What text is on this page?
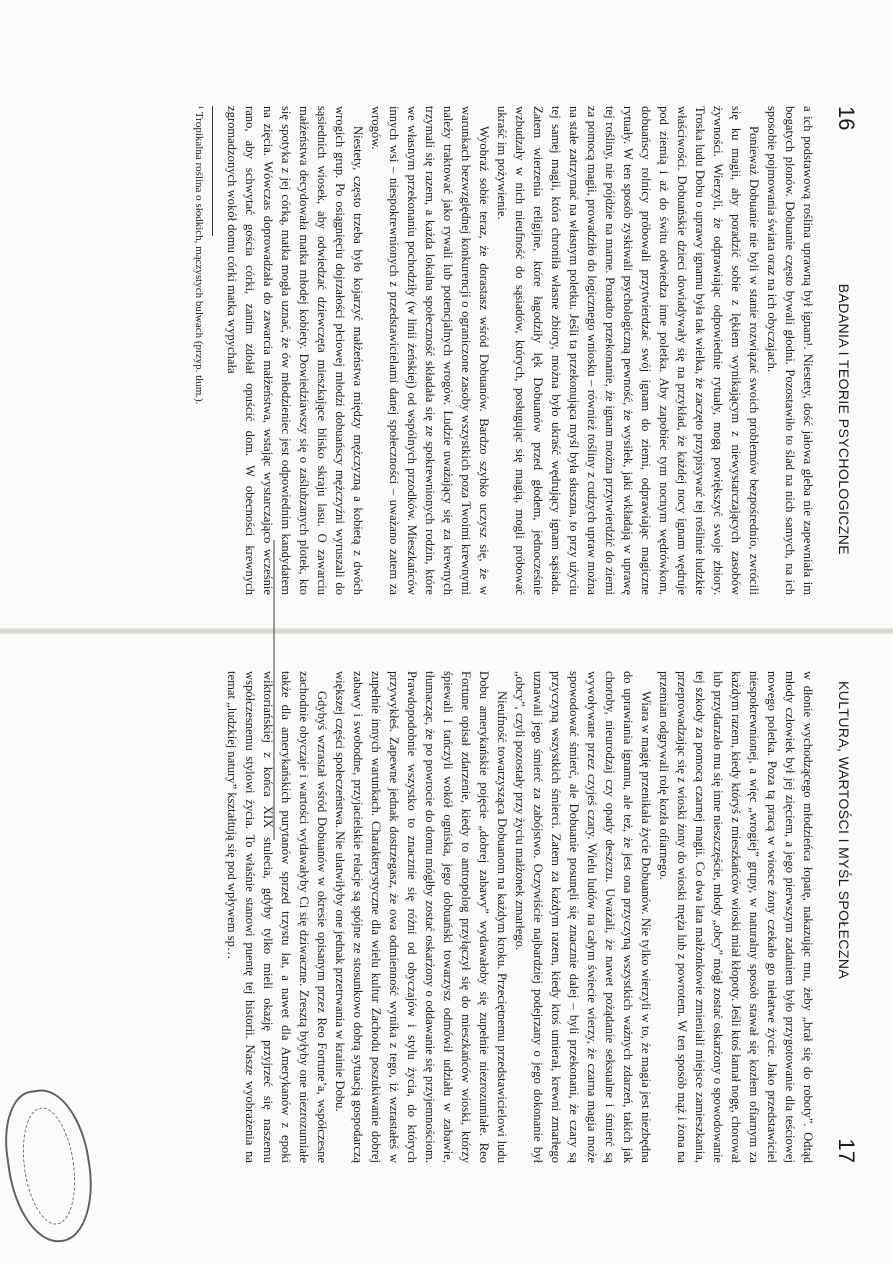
16
BADANIA I TEORIE PSYCHOLOGICZNE

a ich podstawową roślina uprawną był ignam¹. Niestety, dość jałowa gleba nie zapewniała im bogatych plonów. Dobuanie często bywali głodni. Pozostawiło to ślad na nich samych, na ich sposobie pojmowania świata oraz na ich obyczajach.

Ponieważ Dobuanie nie byli w stanie rozwiązać swoich problemów bezpośrednio, zwrócili się ku magii, aby poradzić sobie z lękiem wynikającym z niewystarczających zasobów żywności. Wierzyli, że odprawiając odpowiednie rytuały, mogą powiększyć swoje zbiory. Troska ludu Dobu o uprawy ignamu była tak wielka, że zaczęto przypisywać tej roślinie ludzkie właściwości. Dobuańskie dzieci dowiadywały się na przykład, że każdej nocy ignam wędruje pod ziemią i aż do świtu odwiedza inne poletka. Aby zapobiec tym nocnym wędrówkom, dobuańscy rolnicy próbowali przytwierdzać swój ignam do ziemi, odprawiając magiczne rytuały. W ten sposób zyskiwali psychologiczną pewność, że wysiłek, jaki wkładają w uprawę tej rośliny, nie pójdzie na marne. Ponadto przekonanie, że ignam można przytwierdzić do ziemi za pomocą magii, prowadziło do logicznego wniosku – również rośliny z cudzych upraw można na stałe zatrzymać na własnym poletku. Jeśli ta przekonująca myśl była słuszna, to przy użyciu tej samej magii, która chroniła własne zbiory, można było ukraść wędrujący ignam sąsiada. Zatem wierzenia religijne, które łagodziły lęk Dobuanów przed głodem, jednocześnie wzbudzały w nich nieufność do sąsiadów, których, posługując się magią, mogli próbować ukraść im pożywienie.

Wyobraź sobie teraz, że dorastasz wśród Dobuanów. Bardzo szybko uczysz się, że w warunkach bezwzględnej konkurencji o ograniczone zasoby wszystkich poza Twoimi krewnymi należy traktować jako rywali lub potencjalnych wrogów. Ludzie uważający się za krewnych trzymali się razem, a każda lokalna społeczność składała się ze spokrewnionych rodzin, które we własnym przekonaniu pochodziły (w linii żeńskiej) od wspólnych przodków. Mieszkańców innych wsi – niespokrewnionych z przedstawicielami danej społeczności – uważano zatem za wrogów.

Niestety, często trzeba było kojarzyć małżeństwa między mężczyzną a kobietą z dwóch wrogich grup. Po osiągnięciu dojrzałości płciowej młodzi dobuańscy mężczyźni wyruszali do sąsiednich wiosek, aby odwiedzać dziewczęta mieszkające blisko skraju lasu. O zawarciu małżeństwa decydowała matka młodej kobiety. Dowiedziawszy się o zaślubzanych plotek, kto się spotyka z jej córką, matka mogła uznać, że ów młodzieniec jest odpowiednim kandydatem na zięcia. Wówczas doprowadzała do zawarcia małżeństwa, wstając wystarczająco wcześnie rano, aby schwytać gościa córki, zanim zdołał opuścić dom. W obecności krewnych zgromadzonych wokół domu córki matka wypychała

¹ Tropikalna roślina o słodkich, mączystych bulwach (przyp. tłum.).

KULTURA, WARTOŚCI I MYŚL SPOŁECZNA
17

w dłonie wychodzącego młodzieńca łopatę, nakazując mu, żeby „brał się do roboty”. Odtąd młody człowiek był jej zięciem, a jego pierwszym zadaniem było przygotowanie dla teściowej nowego poletka. Poza tą pracą w wiosce żony czekało go niełatwe życie. Jako przedstawiciel niespokrewnionej, a więc „wrogiej” grupy, w naturalny sposób stawał się kozłem ofiarnym za każdym razem, kiedy któryś z mieszkańców wioski miał kłopoty. Jeśli ktoś łamał nogę, chorował lub przydarzało mu się inne nieszczęście, młody „obcy” mógł zostać oskarżony o spowodowanie tej szkody za pomocą czarnej magii. Co dwa lata małżonkowie zmieniali miejsce zamieszkania, przeprowadzając się z wioski żony do wioski męża lub z powrotem. W ten sposób mąż i żona na przemian odgrywali rolę kozła ofiarnego.

Wiara w magię przenikała życie Dobuanów. Nie tylko wierzyli w to, że magia jest niezbędna do uprawiania ignamu, ale też, że jest ona przyczyną wszystkich ważnych zdarzeń, takich jak choroby, nieurodzaj czy opady deszczu. Uważali, że nawet pożądanie seksualne i śmierć są wywoływane przez czyjeś czary. Wielu ludów na całym świecie wierzy, że czarna magia może spowodować śmierć, ale Dobuanie posunęli się znacznie dalej – byli przekonani, że czary są przyczyną wszystkich śmierci. Zatem za każdym razem, kiedy ktoś umierał, krewni zmarłego uznawali jego śmierć za zabójstwo. Oczywiście najbardziej podejrzany o jego dokonanie był „obcy”, czyli pozostały przy życiu małżonek zmarłego.

Nieufność towarzysząca Dobuanom na każdym kroku. Przeciętnemu przedstawicielowi ludu Dobu amerykańskie pojęcie „dobrej zabawy” wydawałoby się zupełnie niezrozumiałe. Reo Fortune opisał zdarzenie, kiedy to antropolog przyłączył się do mieszkańców wioski, którzy śpiewali i tańczyli wokół ogniska, jego dobuański towarzysz odmówił udziału w zabawie, tłumacząc, że po powrocie do domu mógłby zostać oskarżony o oddawanie się przyjemnościom. Prawdopodobnie wszystko to znacznie się różni od obyczajów i stylu życia, do których przywykłeś. Zapewne jednak dostrzegasz, że owa odmienność wynika z tego, iż wzrastałeś w zupełnie innych warunkach. Charakterystyczne dla wielu kultur Zachodu poszukiwanie dobrej zabawy i swobodne, przyjacielskie relacje są spójne ze stosunkowo dobrą sytuacją gospodarczą większej części społeczeństwa. Nie ułatwiłyby one jednak przetrwania w krainie Dobu.

Gdybyś wzrastał wśród Dobuanów w okresie opisanym przez Reo Fortune’a, współczesne zachodnie obyczaje i wartości wydawałyby Ci się dziwaczne. Zresztą byłyby one niezrozumiałe także dla amerykańskich purytanów sprzed trzystu lat, a nawet dla Amerykanów z epoki wiktoriańskiej z końca XIX stulecia, gdyby tylko mieli okazję przyjrzeć się naszemu współczesnemu stylowi życia. To właśnie stanowi puentę tej historii. Nasze wyobrażenia na temat „ludzkiej natury” kształtują się pod wpływem sp…
